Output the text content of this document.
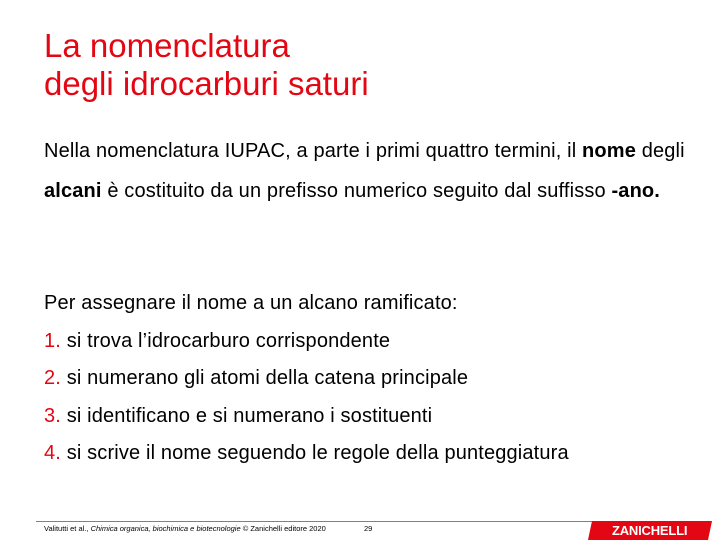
La nomenclatura
degli idrocarburi saturi

Nella nomenclatura IUPAC, a parte i primi quattro termini, il nome degli alcani è costituito da un prefisso numerico seguito dal suffisso -ano.

Per assegnare il nome a un alcano ramificato:
1. si trova l’idrocarburo corrispondente
2. si numerano gli atomi della catena principale
3. si identificano e si numerano i sostituenti
4. si scrive il nome seguendo le regole della punteggiatura
Valitutti et al., Chimica organica, biochimica e biotecnologie © Zanichelli editore 2020	29	ZANICHELLI
